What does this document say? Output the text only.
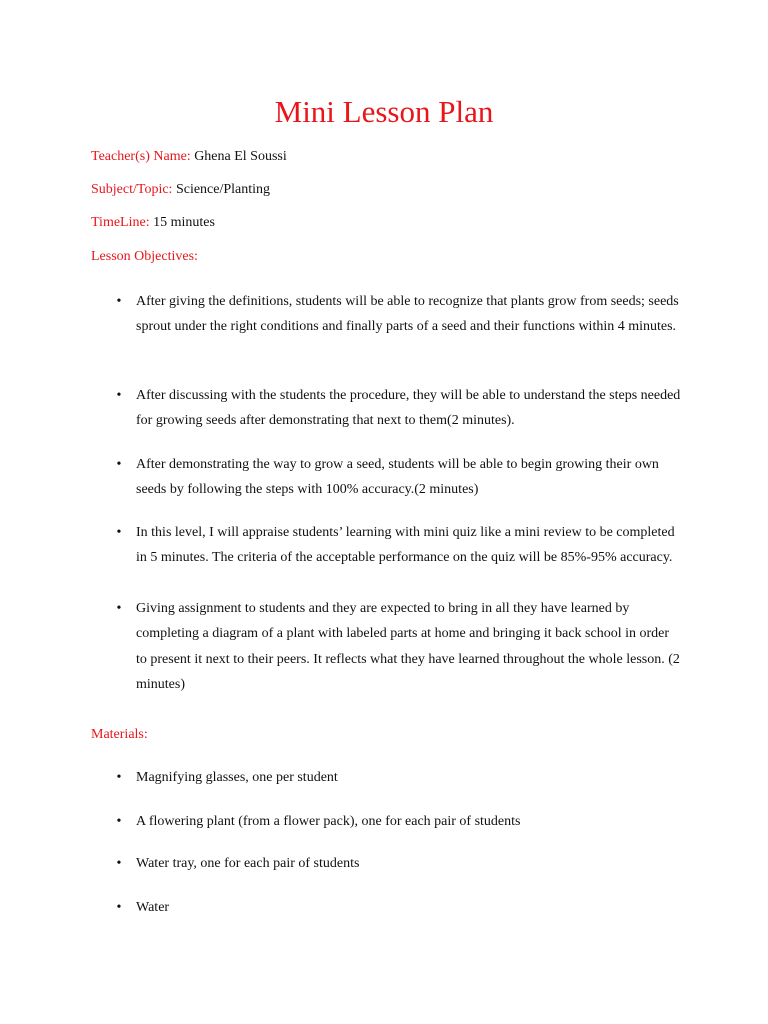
Mini Lesson Plan
Teacher(s) Name: Ghena El Soussi
Subject/Topic: Science/Planting
TimeLine: 15 minutes
Lesson Objectives:
• After giving the definitions, students will be able to recognize that plants grow from seeds; seeds sprout under the right conditions and finally parts of a seed and their functions within 4 minutes.
• After discussing with the students the procedure, they will be able to understand the steps needed for growing seeds after demonstrating that next to them(2 minutes).
• After demonstrating the way to grow a seed, students will be able to begin growing their own seeds by following the steps with 100% accuracy.(2 minutes)
• In this level, I will appraise students’ learning with mini quiz like a mini review to be completed in 5 minutes. The criteria of the acceptable performance on the quiz will be 85%-95% accuracy.
• Giving assignment to students and they are expected to bring in all they have learned by completing a diagram of a plant with labeled parts at home and bringing it back school in order to present it next to their peers. It reflects what they have learned throughout the whole lesson. (2 minutes)
Materials:
• Magnifying glasses, one per student
• A flowering plant (from a flower pack), one for each pair of students
• Water tray, one for each pair of students
• Water
